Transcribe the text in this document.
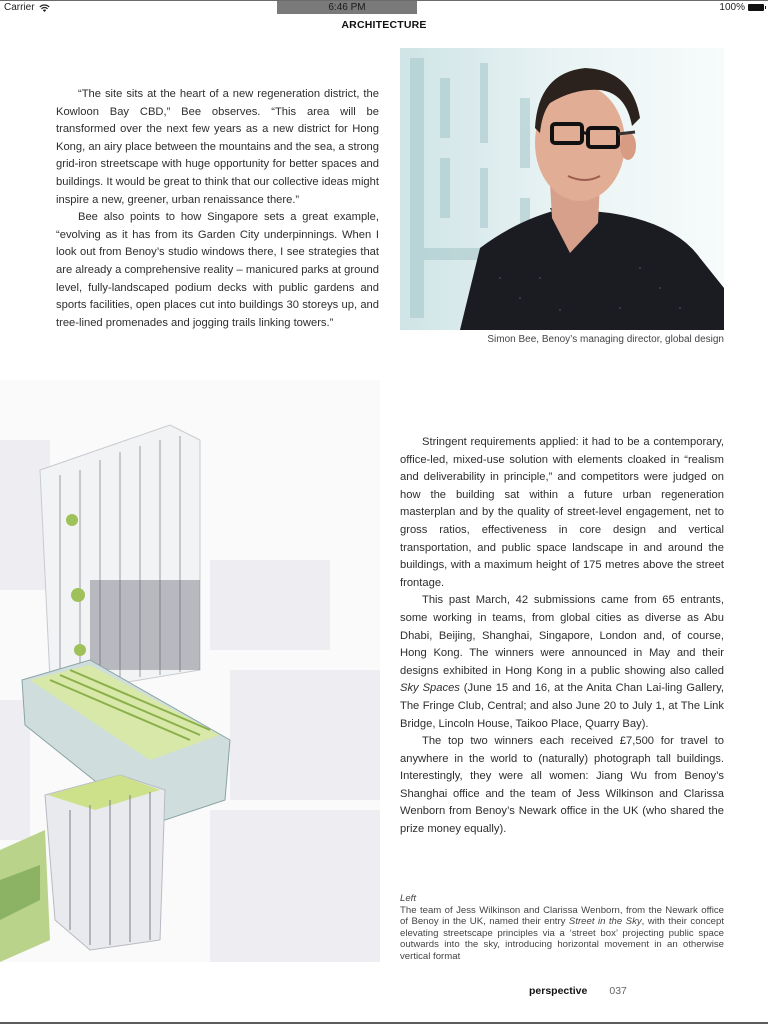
Carrier	6:46 PM	100%
ARCHITECTURE

“The site sits at the heart of a new regeneration district, the Kowloon Bay CBD,” Bee observes. “This area will be transformed over the next few years as a new district for Hong Kong, an airy place between the mountains and the sea, a strong grid-iron streetscape with huge opportunity for better spaces and buildings. It would be great to think that our collective ideas might inspire a new, greener, urban renaissance there.”

Bee also points to how Singapore sets a great example, “evolving as it has from its Garden City underpinnings. When I look out from Benoy’s studio windows there, I see strategies that are already a comprehensive reality – manicured parks at ground level, fully-landscaped podium decks with public gardens and sports facilities, open places cut into buildings 30 storeys up, and tree-lined promenades and jogging trails linking towers.”

Simon Bee, Benoy’s managing director, global design

Stringent requirements applied: it had to be a contemporary, office-led, mixed-use solution with elements cloaked in “realism and deliverability in principle,” and competitors were judged on how the building sat within a future urban regeneration masterplan and by the quality of street-level engagement, net to gross ratios, effectiveness in core design and vertical transportation, and public space landscape in and around the buildings, with a maximum height of 175 metres above the street frontage.

This past March, 42 submissions came from 65 entrants, some working in teams, from global cities as diverse as Abu Dhabi, Beijing, Shanghai, Singapore, London and, of course, Hong Kong. The winners were announced in May and their designs exhibited in Hong Kong in a public showing also called Sky Spaces (June 15 and 16, at the Anita Chan Lai-ling Gallery, The Fringe Club, Central; and also June 20 to July 1, at The Link Bridge, Lincoln House, Taikoo Place, Quarry Bay).

The top two winners each received £7,500 for travel to anywhere in the world to (naturally) photograph tall buildings. Interestingly, they were all women: Jiang Wu from Benoy’s Shanghai office and the team of Jess Wilkinson and Clarissa Wenborn from Benoy’s Newark office in the UK (who shared the prize money equally).

Left
The team of Jess Wilkinson and Clarissa Wenborn, from the Newark office of Benoy in the UK, named their entry Street in the Sky, with their concept elevating streetscape principles via a ‘street box’ projecting public space outwards into the sky, introducing horizontal movement in an otherwise vertical format
perspective 037
